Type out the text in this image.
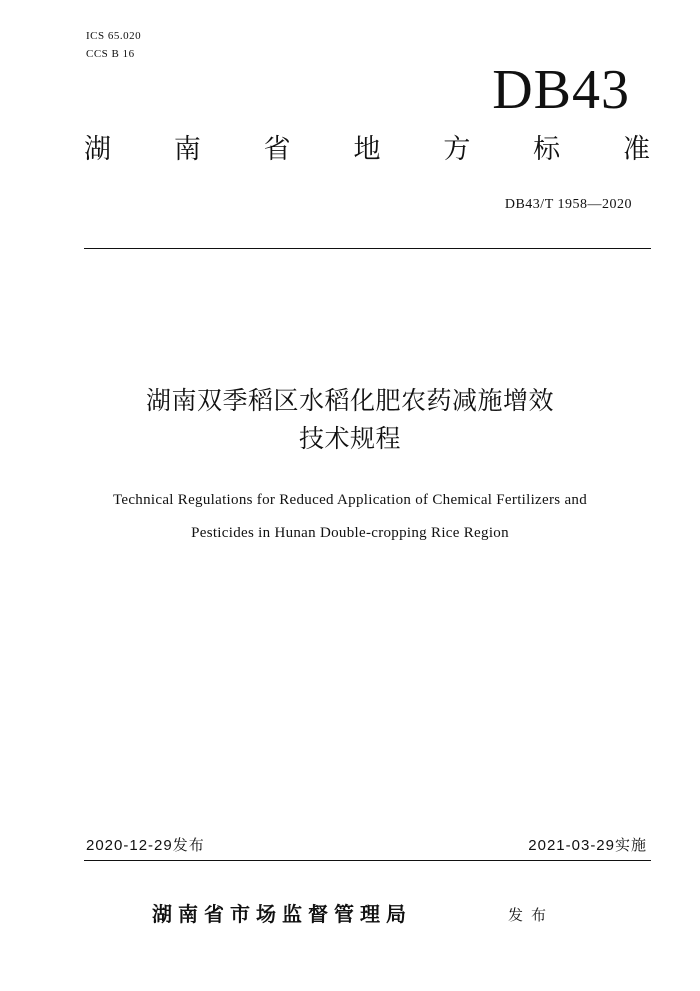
ICS 65.020
CCS B 16
DB43
湖 南 省 地 方 标 准
DB43/T 1958—2020
湖南双季稻区水稻化肥农药减施增效
技术规程
Technical Regulations for Reduced Application of Chemical Fertilizers and
Pesticides in Hunan Double-cropping Rice Region
2020-12-29发布	2021-03-29实施
湖南省市场监督管理局	发布
